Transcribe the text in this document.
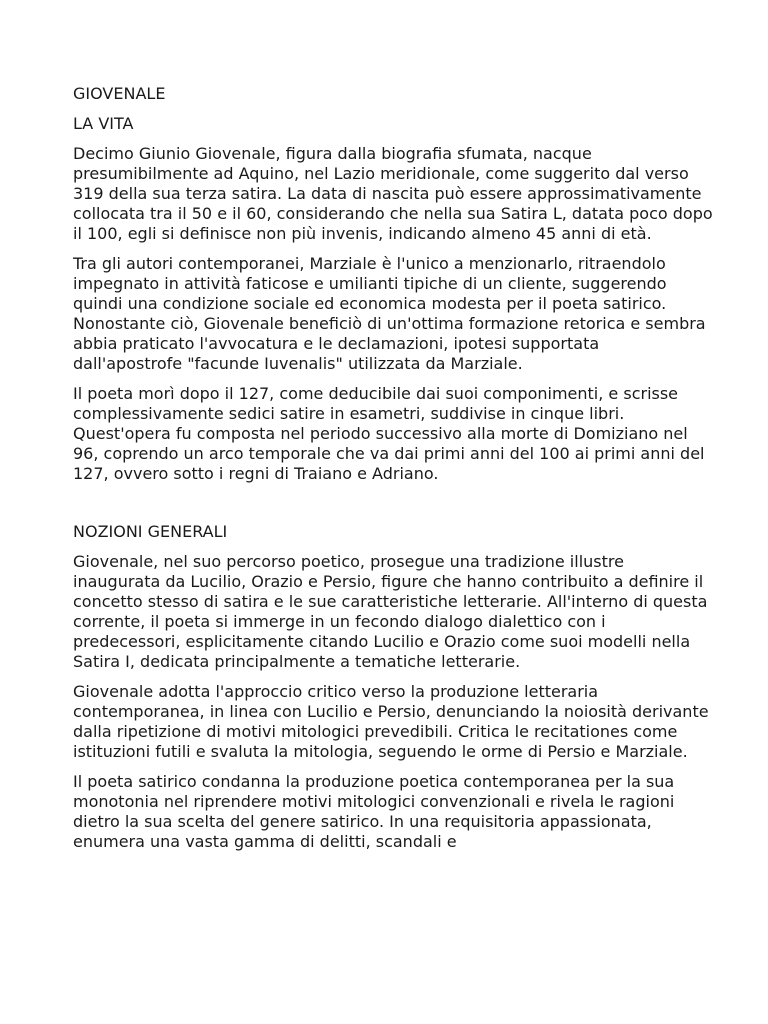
GIOVENALE
LA VITA

Decimo Giunio Giovenale, figura dalla biografia sfumata, nacque presumibilmente ad Aquino, nel Lazio meridionale, come suggerito dal verso 319 della sua terza satira. La data di nascita può essere approssimativamente collocata tra il 50 e il 60, considerando che nella sua Satira L, datata poco dopo il 100, egli si definisce non più invenis, indicando almeno 45 anni di età.

Tra gli autori contemporanei, Marziale è l'unico a menzionarlo, ritraendolo impegnato in attività faticose e umilianti tipiche di un cliente, suggerendo quindi una condizione sociale ed economica modesta per il poeta satirico. Nonostante ciò, Giovenale beneficiò di un'ottima formazione retorica e sembra abbia praticato l'avvocatura e le declamazioni, ipotesi supportata dall'apostrofe "facunde Iuvenalis" utilizzata da Marziale.

Il poeta morì dopo il 127, come deducibile dai suoi componimenti, e scrisse complessivamente sedici satire in esametri, suddivise in cinque libri. Quest'opera fu composta nel periodo successivo alla morte di Domiziano nel 96, coprendo un arco temporale che va dai primi anni del 100 ai primi anni del 127, ovvero sotto i regni di Traiano e Adriano.

NOZIONI GENERALI

Giovenale, nel suo percorso poetico, prosegue una tradizione illustre inaugurata da Lucilio, Orazio e Persio, figure che hanno contribuito a definire il concetto stesso di satira e le sue caratteristiche letterarie. All'interno di questa corrente, il poeta si immerge in un fecondo dialogo dialettico con i predecessori, esplicitamente citando Lucilio e Orazio come suoi modelli nella Satira I, dedicata principalmente a tematiche letterarie.

Giovenale adotta l'approccio critico verso la produzione letteraria contemporanea, in linea con Lucilio e Persio, denunciando la noiosità derivante dalla ripetizione di motivi mitologici prevedibili. Critica le recitationes come istituzioni futili e svaluta la mitologia, seguendo le orme di Persio e Marziale.

Il poeta satirico condanna la produzione poetica contemporanea per la sua monotonia nel riprendere motivi mitologici convenzionali e rivela le ragioni dietro la sua scelta del genere satirico. In una requisitoria appassionata, enumera una vasta gamma di delitti, scandali e
